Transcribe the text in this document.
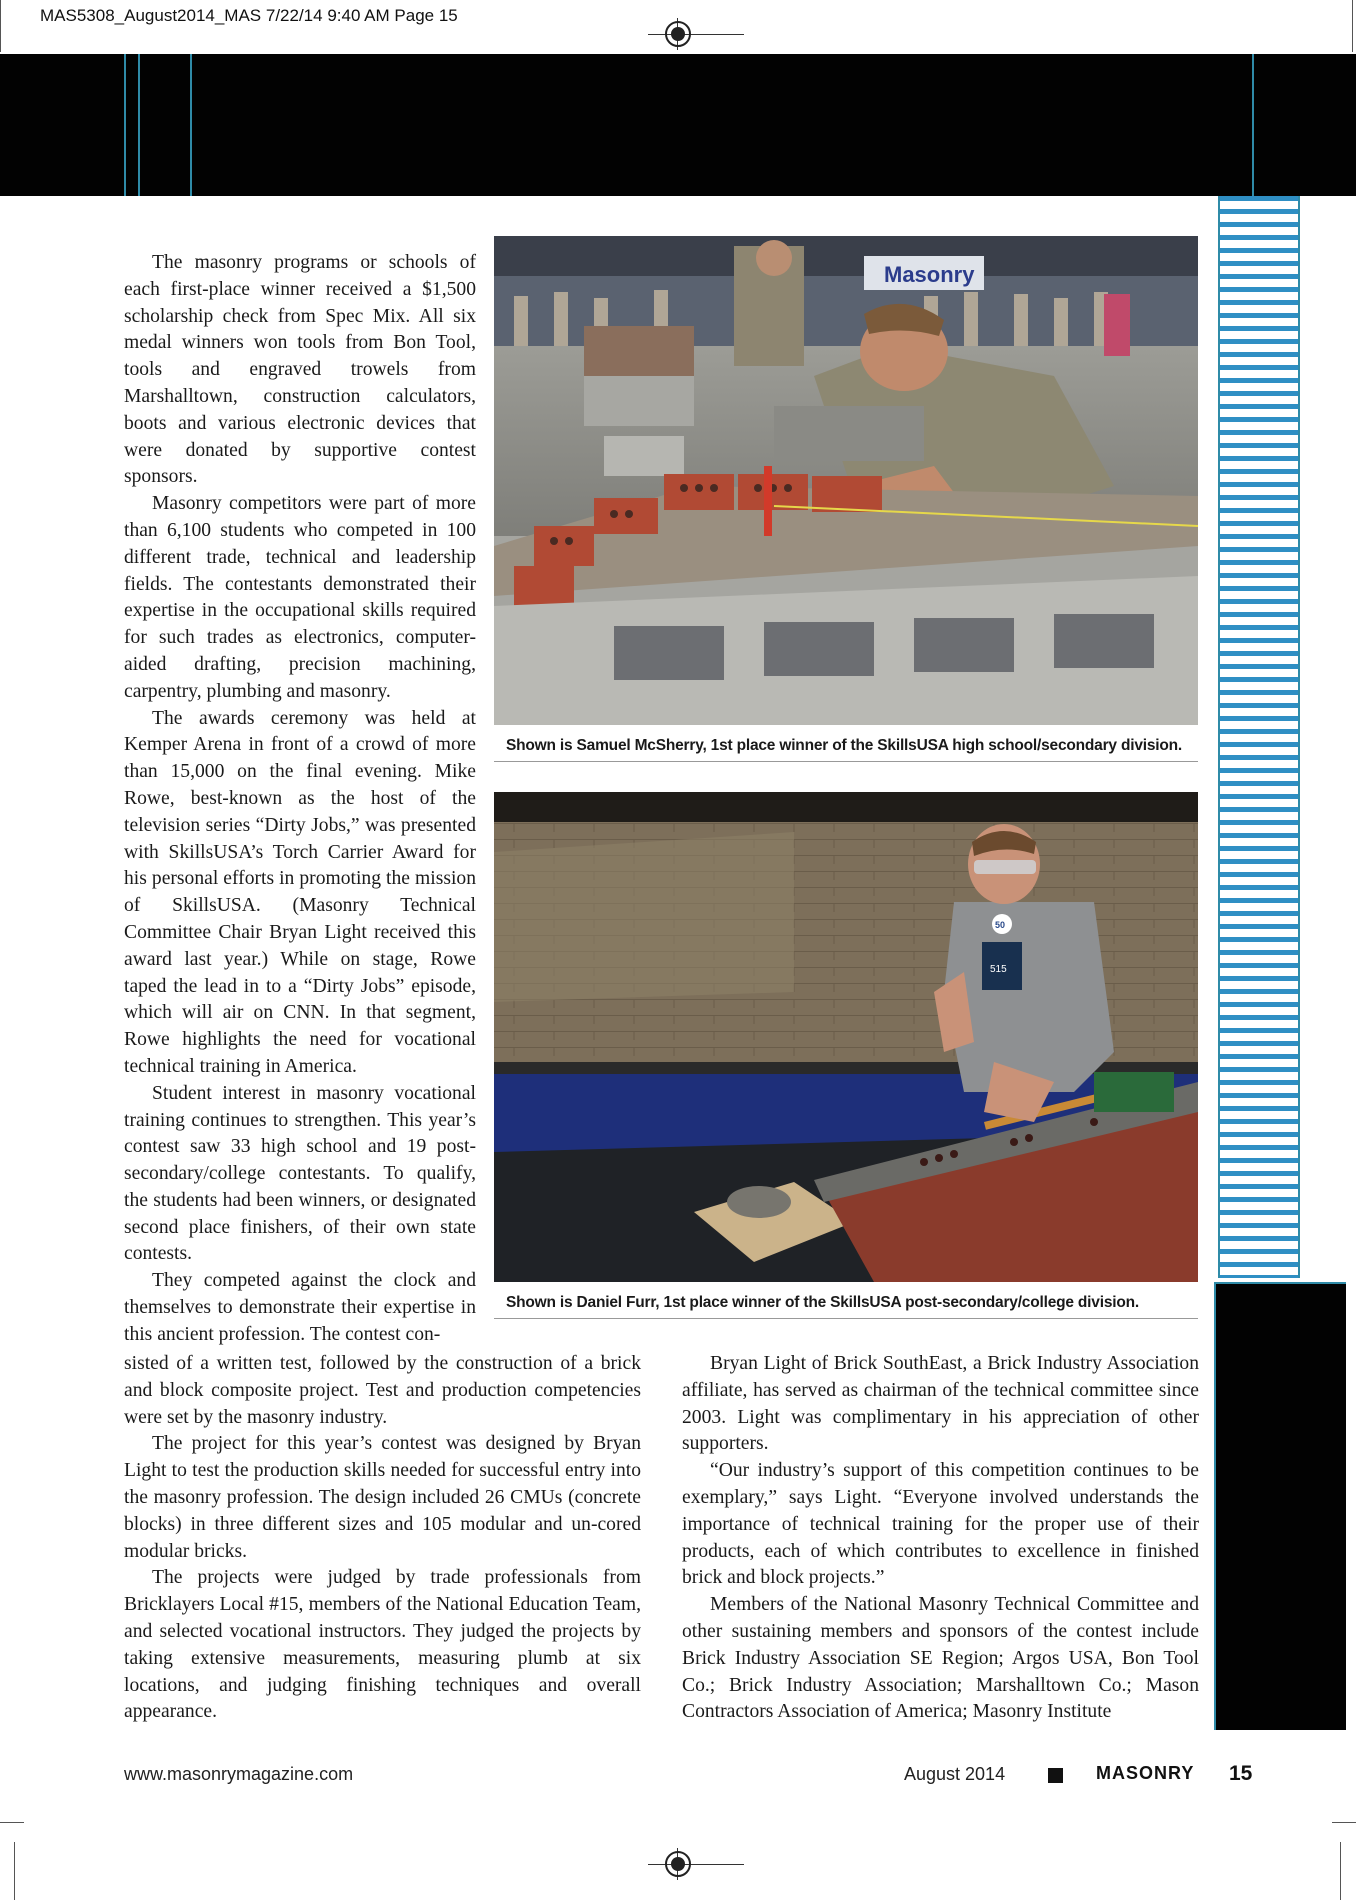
MAS5308_August2014_MAS 7/22/14 9:40 AM Page 15

The masonry programs or schools of each first-place winner received a $1,500 scholarship check from Spec Mix. All six medal winners won tools from Bon Tool, tools and engraved trowels from Marshalltown, construction calculators, boots and various electronic devices that were donated by supportive contest sponsors.

Masonry competitors were part of more than 6,100 students who competed in 100 different trade, technical and leadership fields. The contestants demonstrated their expertise in the occupational skills required for such trades as electronics, computer-aided drafting, precision machining, carpentry, plumbing and masonry.

The awards ceremony was held at Kemper Arena in front of a crowd of more than 15,000 on the final evening. Mike Rowe, best-known as the host of the television series “Dirty Jobs,” was presented with SkillsUSA’s Torch Carrier Award for his personal efforts in promoting the mission of SkillsUSA. (Masonry Technical Committee Chair Bryan Light received this award last year.) While on stage, Rowe taped the lead in to a “Dirty Jobs” episode, which will air on CNN. In that segment, Rowe highlights the need for vocational technical training in America.

Student interest in masonry vocational training continues to strengthen. This year’s contest saw 33 high school and 19 post-secondary/college contestants. To qualify, the students had been winners, or designated second place finishers, of their own state contests.

They competed against the clock and themselves to demonstrate their expertise in this ancient profession. The contest con-

Masonry
Shown is Samuel McSherry, 1st place winner of the SkillsUSA high school/secondary division.
515
50
Shown is Daniel Furr, 1st place winner of the SkillsUSA post-secondary/college division.

sisted of a written test, followed by the construction of a brick and block composite project. Test and production competencies were set by the masonry industry.

The project for this year’s contest was designed by Bryan Light to test the production skills needed for successful entry into the masonry profession. The design included 26 CMUs (concrete blocks) in three different sizes and 105 modular and un-cored modular bricks.

The projects were judged by trade professionals from Bricklayers Local #15, members of the National Education Team, and selected vocational instructors. They judged the projects by taking extensive measurements, measuring plumb at six locations, and judging finishing techniques and overall appearance.

Bryan Light of Brick SouthEast, a Brick Industry Association affiliate, has served as chairman of the technical committee since 2003. Light was complimentary in his appreciation of other supporters.

“Our industry’s support of this competition continues to be exemplary,” says Light. “Everyone involved understands the importance of technical training for the proper use of their products, each of which contributes to excellence in finished brick and block projects.”

Members of the National Masonry Technical Committee and other sustaining members and sponsors of the contest include Brick Industry Association SE Region; Argos USA, Bon Tool Co.; Brick Industry Association; Marshalltown Co.; Mason Contractors Association of America; Masonry Institute

www.masonrymagazine.com	August 2014	MASONRY 15
